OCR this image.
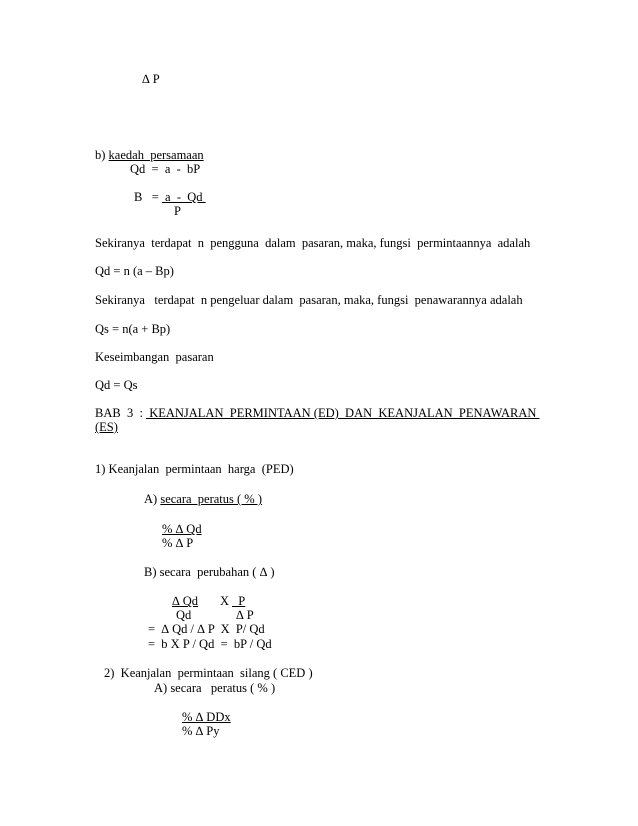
∆ P
b) kaedah  persamaan
Qd  =  a  -  bP
B   =  a  -  Qd
P
Sekiranya  terdapat  n  pengguna  dalam  pasaran, maka, fungsi  permintaannya  adalah
Qd = n (a – Bp)
Sekiranya   terdapat  n pengeluar dalam  pasaran, maka, fungsi  penawarannya adalah
Qs = n(a + Bp)
Keseimbangan  pasaran
Qd = Qs
BAB  3  :  KEANJALAN  PERMINTAAN (ED)  DAN  KEANJALAN  PENAWARAN
(ES)
1) Keanjalan  permintaan  harga  (PED)
A) secara  peratus ( % )
% ∆ Qd
% ∆ P
B) secara  perubahan ( ∆ )
∆ Qd X P
Qd	∆ P
=  ∆ Qd / ∆ P  X  P/ Qd
=  b X P / Qd  =  bP / Qd
2)  Keanjalan  permintaan  silang ( CED )
A) secara   peratus ( % )
% ∆ DDx
% ∆ Py
